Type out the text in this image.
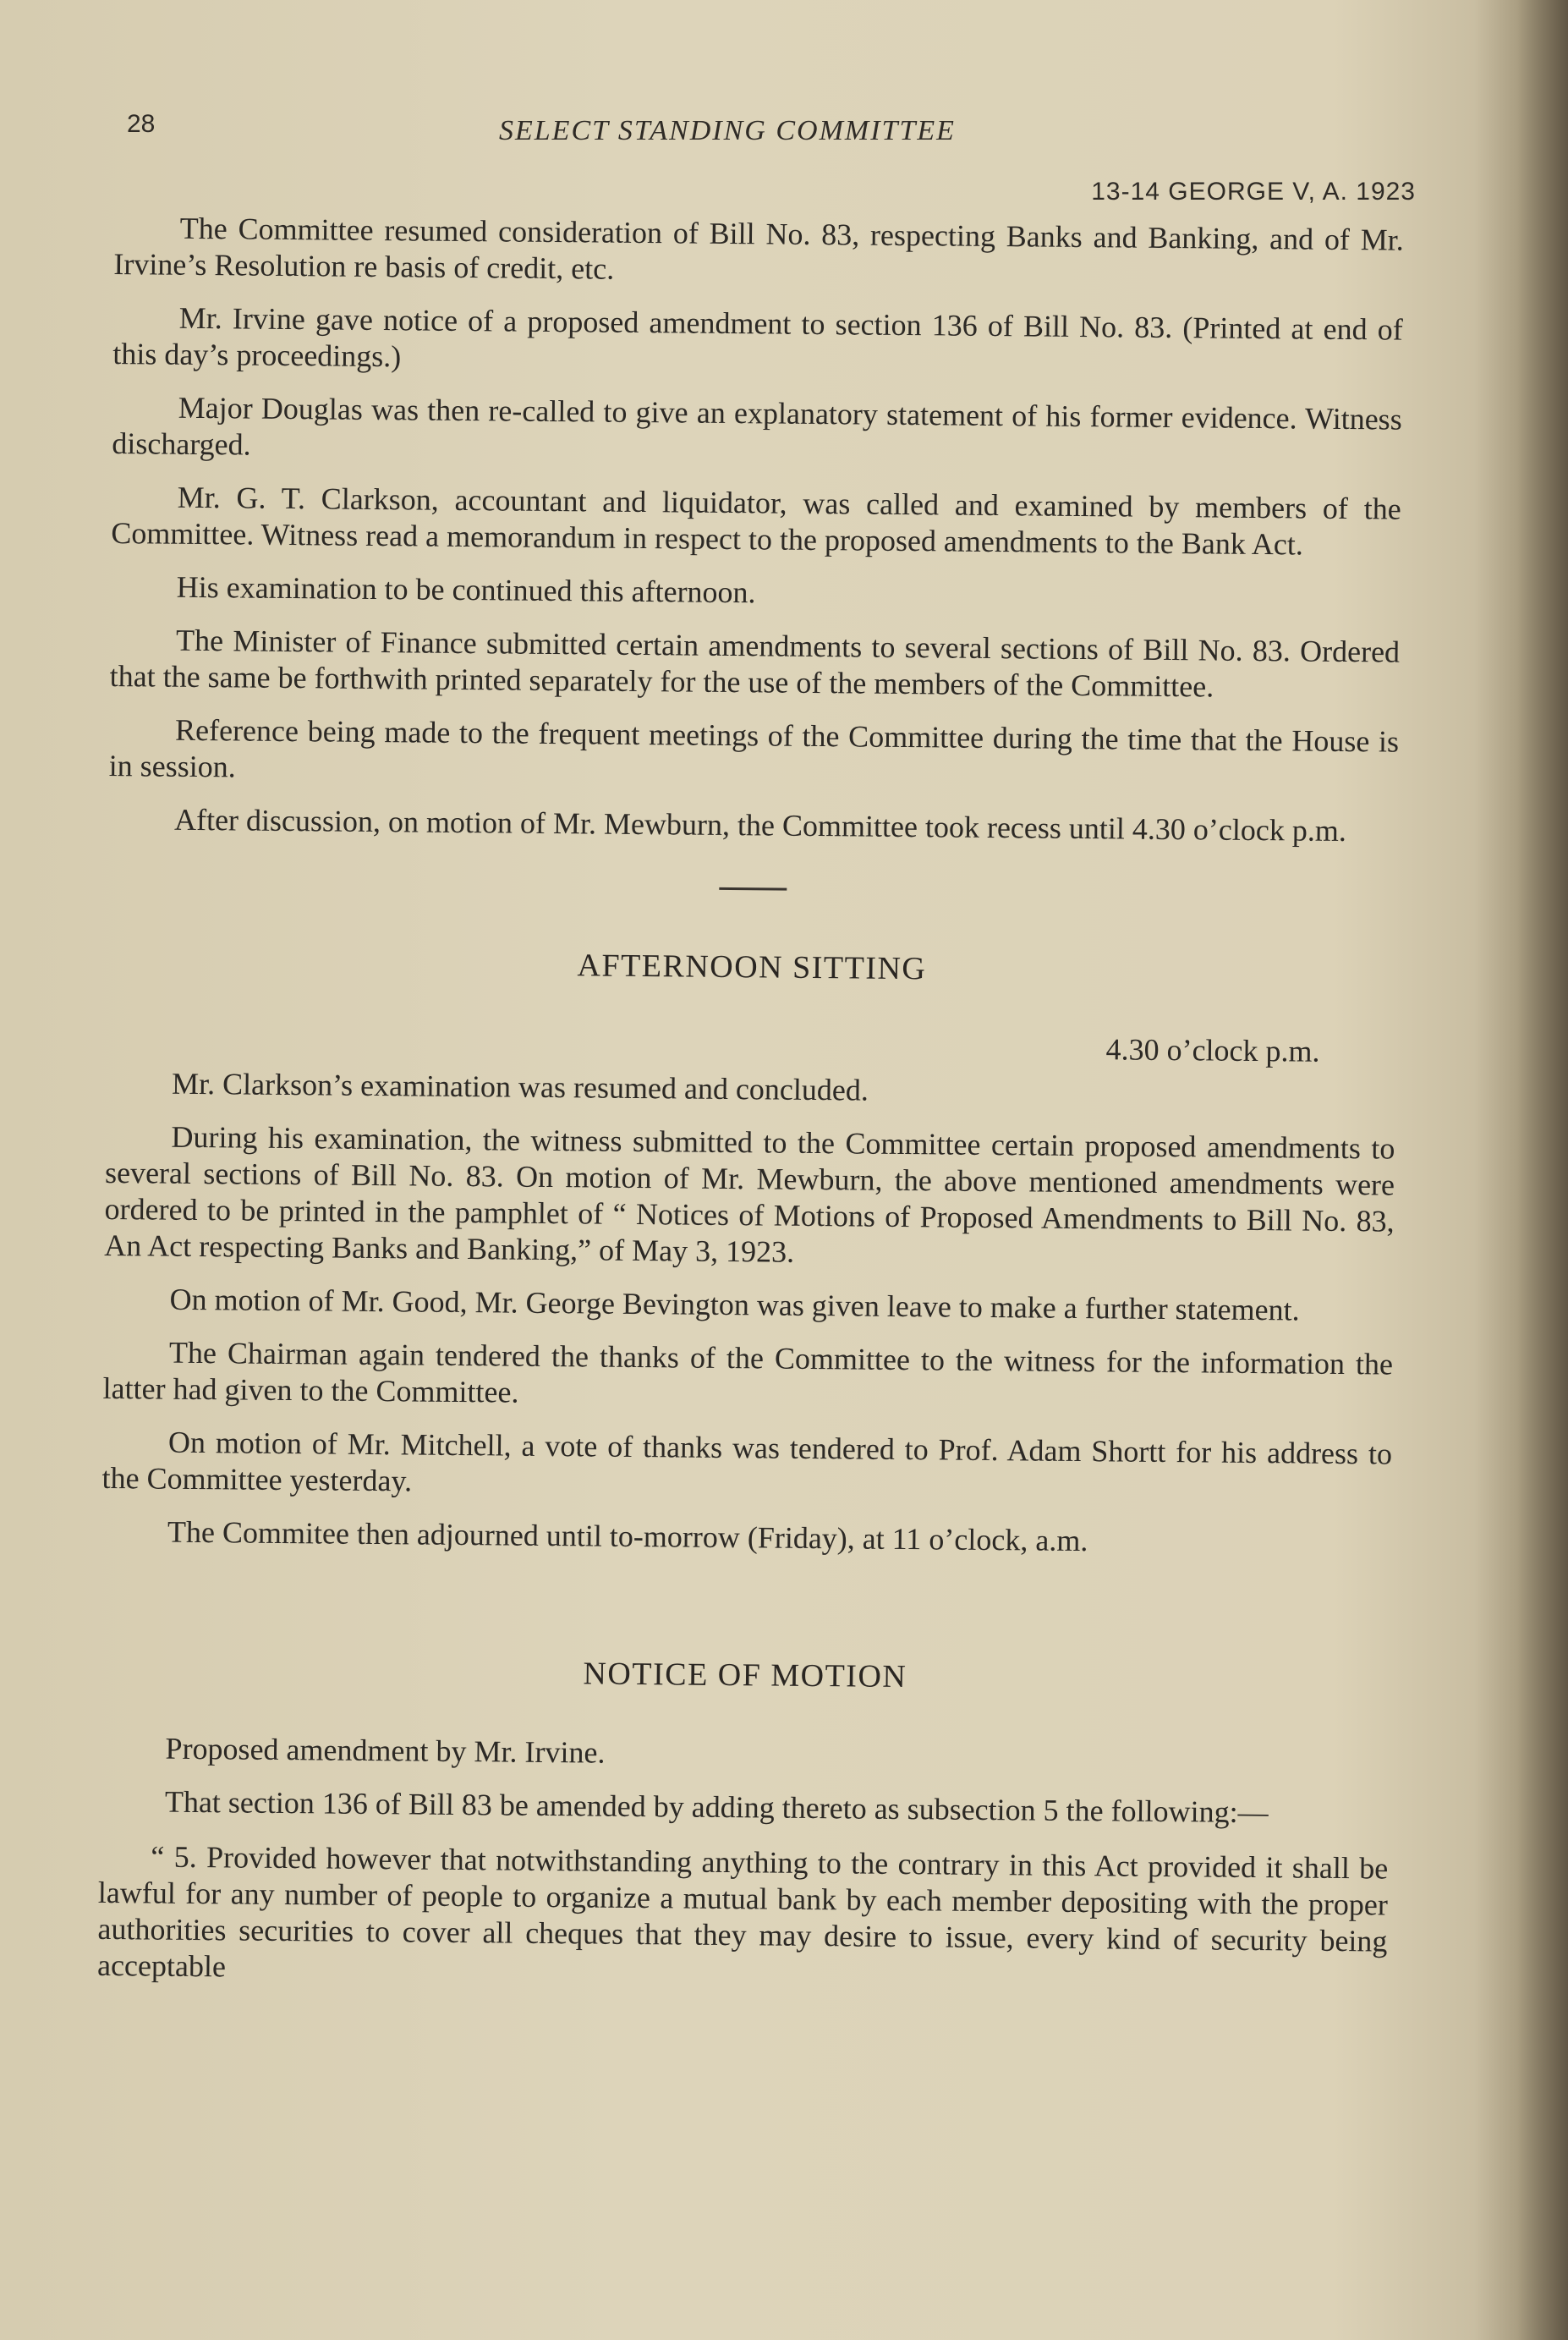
28	SELECT STANDING COMMITTEE
13-14 GEORGE V, A. 1923

The Committee resumed consideration of Bill No. 83, respecting Banks and Banking, and of Mr. Irvine’s Resolution re basis of credit, etc.

Mr. Irvine gave notice of a proposed amendment to section 136 of Bill No. 83. (Printed at end of this day’s proceedings.)

Major Douglas was then re-called to give an explanatory statement of his former evidence. Witness discharged.

Mr. G. T. Clarkson, accountant and liquidator, was called and examined by members of the Committee. Witness read a memorandum in respect to the proposed amendments to the Bank Act.

His examination to be continued this afternoon.

The Minister of Finance submitted certain amendments to several sections of Bill No. 83. Ordered that the same be forthwith printed separately for the use of the members of the Committee.

Reference being made to the frequent meetings of the Committee during the time that the House is in session.

After discussion, on motion of Mr. Mewburn, the Committee took recess until 4.30 o’clock p.m.

AFTERNOON SITTING
4.30 o’clock p.m.

Mr. Clarkson’s examination was resumed and concluded.

During his examination, the witness submitted to the Committee certain proposed amendments to several sections of Bill No. 83. On motion of Mr. Mewburn, the above mentioned amendments were ordered to be printed in the pamphlet of “ Notices of Motions of Proposed Amendments to Bill No. 83, An Act respecting Banks and Banking,” of May 3, 1923.

On motion of Mr. Good, Mr. George Bevington was given leave to make a further statement.

The Chairman again tendered the thanks of the Committee to the witness for the information the latter had given to the Committee.

On motion of Mr. Mitchell, a vote of thanks was tendered to Prof. Adam Shortt for his address to the Committee yesterday.

The Commitee then adjourned until to-morrow (Friday), at 11 o’clock, a.m.

NOTICE OF MOTION

Proposed amendment by Mr. Irvine.

That section 136 of Bill 83 be amended by adding thereto as subsection 5 the following:—

“ 5. Provided however that notwithstanding anything to the contrary in this Act provided it shall be lawful for any number of people to organize a mutual bank by each member depositing with the proper authorities securities to cover all cheques that they may desire to issue, every kind of security being acceptable
